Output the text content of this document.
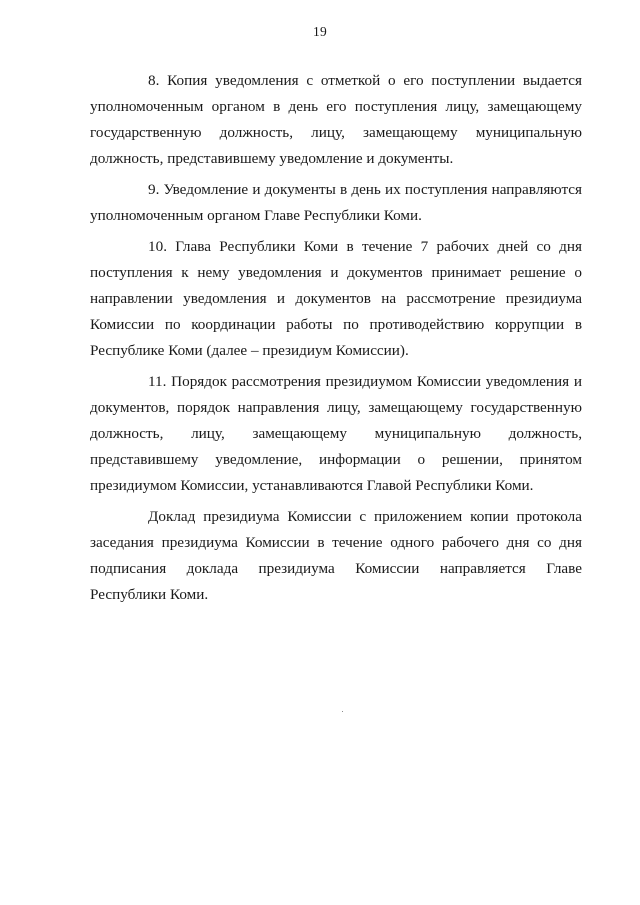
19
8. Копия уведомления с отметкой о его поступлении выдается
уполномоченным органом в день его поступления лицу, замещающему
государственную должность, лицу, замещающему муниципальную
должность, представившему уведомление и документы.
9. Уведомление и документы в день их поступления направляются
уполномоченным органом Главе Республики Коми.
10. Глава Республики Коми в течение 7 рабочих дней со дня
поступления к нему уведомления и документов принимает решение о
направлении уведомления и документов на рассмотрение президиума
Комиссии по координации работы по противодействию коррупции в
Республике Коми (далее – президиум Комиссии).
11. Порядок рассмотрения президиумом Комиссии уведомления и
документов, порядок направления лицу, замещающему государственную
должность, лицу, замещающему муниципальную должность,
представившему уведомление, информации о решении, принятом
президиумом Комиссии, устанавливаются Главой Республики Коми.
Доклад президиума Комиссии с приложением копии протокола
заседания президиума Комиссии в течение одного рабочего дня со дня
подписания доклада президиума Комиссии направляется Главе
Республики Коми.
